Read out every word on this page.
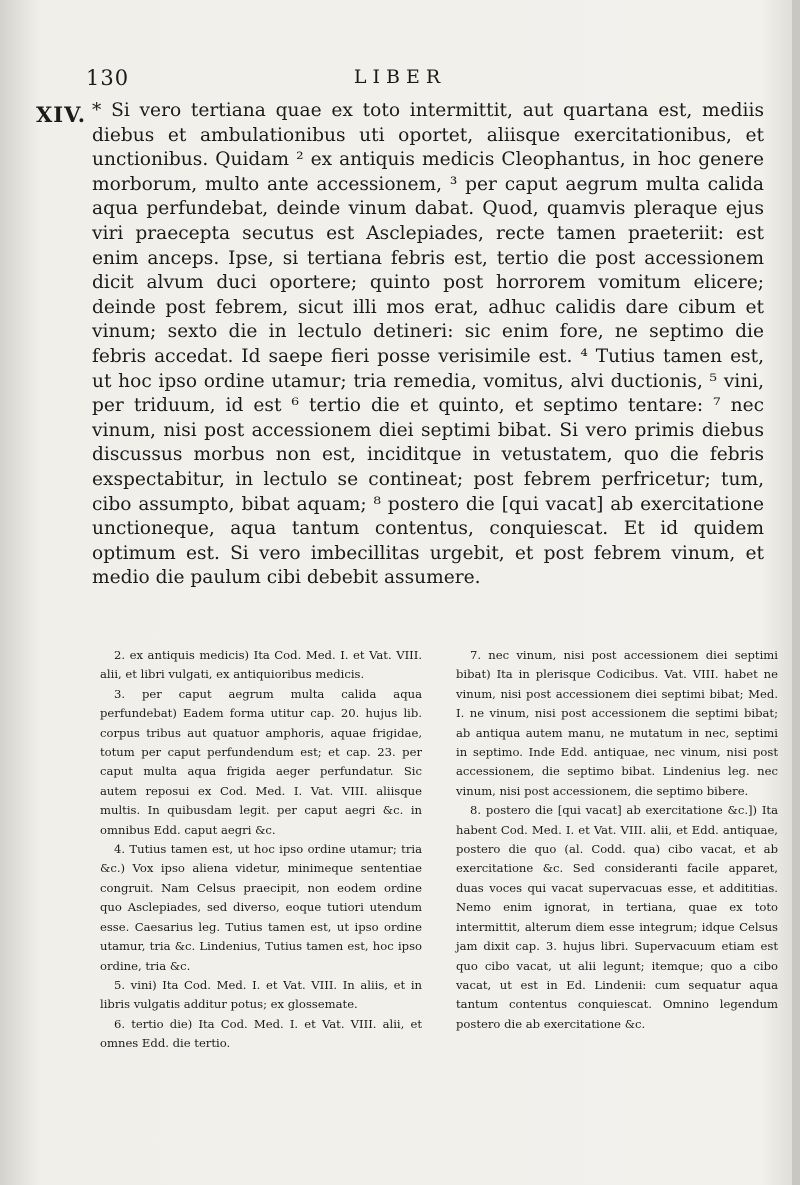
130	LIBER
XIV. * Si vero tertiana quae ex toto intermittit, aut quartana est, mediis diebus et ambulationibus uti oportet, aliisque exercitationibus, et unctionibus. Quidam ² ex antiquis medicis Cleophantus, in hoc genere morborum, multo ante accessionem, ³ per caput aegrum multa calida aqua perfundebat, deinde vinum dabat. Quod, quamvis pleraque ejus viri praecepta secutus est Asclepiades, recte tamen praeteriit: est enim anceps. Ipse, si tertiana febris est, tertio die post accessionem dicit alvum duci oportere; quinto post horrorem vomitum elicere; deinde post febrem, sicut illi mos erat, adhuc calidis dare cibum et vinum; sexto die in lectulo detineri: sic enim fore, ne septimo die febris accedat. Id saepe fieri posse verisimile est. ⁴ Tutius tamen est, ut hoc ipso ordine utamur; tria remedia, vomitus, alvi ductionis, ⁵ vini, per triduum, id est ⁶ tertio die et quinto, et septimo tentare: ⁷ nec vinum, nisi post accessionem diei septimi bibat. Si vero primis diebus discussus morbus non est, inciditque in vetustatem, quo die febris exspectabitur, in lectulo se contineat; post febrem perfricetur; tum, cibo assumpto, bibat aquam; ⁸ postero die [qui vacat] ab exercitatione unctioneque, aqua tantum contentus, conquiescat. Et id quidem optimum est. Si vero imbecillitas urgebit, et post febrem vinum, et medio die paulum cibi debebit assumere.

2. ex antiquis medicis) Ita Cod. Med. I. et Vat. VIII. alii, et libri vulgati, ex antiquioribus medicis.

3. per caput aegrum multa calida aqua perfundebat) Eadem forma utitur cap. 20. hujus lib. corpus tribus aut quatuor amphoris, aquae frigidae, totum per caput perfundendum est; et cap. 23. per caput multa aqua frigida aeger perfundatur. Sic autem reposui ex Cod. Med. I. Vat. VIII. aliisque multis. In quibusdam legit. per caput aegri &c. in omnibus Edd. caput aegri &c.

4. Tutius tamen est, ut hoc ipso ordine utamur; tria &c.) Vox ipso aliena videtur, minimeque sententiae congruit. Nam Celsus praecipit, non eodem ordine quo Asclepiades, sed diverso, eoque tutiori utendum esse. Caesarius leg. Tutius tamen est, ut ipso ordine utamur, tria &c. Lindenius, Tutius tamen est, hoc ipso ordine, tria &c.

5. vini) Ita Cod. Med. I. et Vat. VIII. In aliis, et in libris vulgatis additur potus; ex glossemate.

6. tertio die) Ita Cod. Med. I. et Vat. VIII. alii, et omnes Edd. die tertio.

7. nec vinum, nisi post accessionem diei septimi bibat) Ita in plerisque Codicibus. Vat. VIII. habet ne vinum, nisi post accessionem diei septimi bibat; Med. I. ne vinum, nisi post accessionem die septimi bibat; ab antiqua autem manu, ne mutatum in nec, septimi in septimo. Inde Edd. antiquae, nec vinum, nisi post accessionem, die septimo bibat. Lindenius leg. nec vinum, nisi post accessionem, die septimo bibere.

8. postero die [qui vacat] ab exercitatione &c.]) Ita habent Cod. Med. I. et Vat. VIII. alii, et Edd. antiquae, postero die quo (al. Codd. qua) cibo vacat, et ab exercitatione &c. Sed consideranti facile apparet, duas voces qui vacat supervacuas esse, et addititias. Nemo enim ignorat, in tertiana, quae ex toto intermittit, alterum diem esse integrum; idque Celsus jam dixit cap. 3. hujus libri. Supervacuum etiam est quo cibo vacat, ut alii legunt; itemque; quo a cibo vacat, ut est in Ed. Lindenii: cum sequatur aqua tantum contentus conquiescat. Omnino legendum postero die ab exercitatione &c.
